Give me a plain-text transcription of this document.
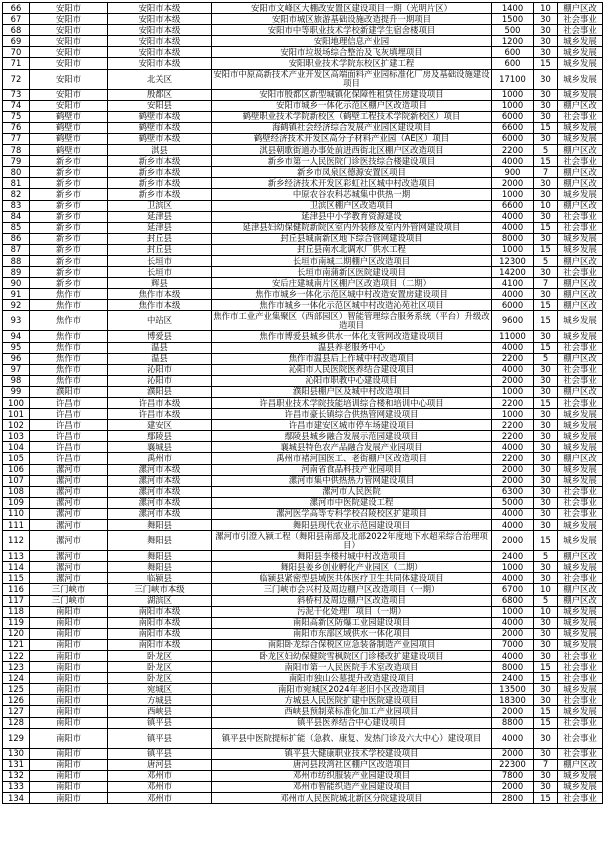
66	安阳市	安阳市本级	安阳市文峰区大棚改安置区建设项目一期（光明片区）	1400	10	棚户区改
67	安阳市	安阳市本级	安阳市城区旅游基础设施改造提升一期项目	1500	30	社会事业
68	安阳市	安阳市本级	安阳市中等职业技术学校新建学生宿舍楼项目	500	30	社会事业
69	安阳市	安阳市本级	安阳地理信息产业园	1200	30	城乡发展
70	安阳市	安阳市本级	安阳市垃圾场综合整治及飞灰填埋项目	600	30	城乡发展
71	安阳市	安阳市本级	安阳职业技术学院东校区扩建工程	600	15	城乡发展
72	安阳市	北关区	安阳市中原高新技术产业开发区高端面料产业园标准化厂房及基础设施建设项目	17100	30	城乡发展
73	安阳市	殷都区	安阳市殷都区新型城镇化保障性租赁住房建设项目	1000	30	城乡发展
74	安阳市	安阳县	安阳市城乡一体化示范区棚户区改造项目	1000	30	棚户区改
75	鹤壁市	鹤壁市本级	鹤壁职业技术学院新校区（鹤壁工程技术学院新校区）项目	6000	30	社会事业
76	鹤壁市	鹤壁市本级	海鹤镇社会经济综合发展产业园区建设项目	6600	15	城乡发展
77	鹤壁市	鹤壁市本级	鹤壁经济技术开发区高分子材料产业园（AE区）项目	6000	30	城乡发展
78	鹤壁市	淇县	淇县朝歌街道办事处前进西街北区棚户区改造项目	2200	5	棚户区改
79	新乡市	新乡市本级	新乡市第一人民医院门诊医技综合楼建设项目	4000	15	社会事业
80	新乡市	新乡市本级	新乡市凤泉区德源安置区项目	900	7	棚户区改
81	新乡市	新乡市本级	新乡经济技术开发区彩虹社区城中村改造项目	2000	30	棚户区改
82	新乡市	新乡市本级	中原农谷农科芯城集中供热一期	1000	30	城乡发展
83	新乡市	卫滨区	卫滨区棚户区改造项目	6600	10	棚户区改
84	新乡市	延津县	延津县中小学教育资源建设	4000	30	社会事业
85	新乡市	延津县	延津县妇幼保健院新院区室内外装修及室内外管网建设项目	4000	15	社会事业
86	新乡市	封丘县	封丘县城南新区地下综合管网建设项目	8000	30	城乡发展
87	新乡市	封丘县	封丘县南水北调水厂供水工程	1000	15	城乡发展
88	新乡市	长垣市	长垣市南城二期棚户区改造项目	12300	5	棚户区改
89	新乡市	长垣市	长垣市南蒲新区医院建设项目	14200	30	社会事业
90	新乡市	辉县	安后庄建城南片区棚户区改造项目（二期）	4100	7	棚户区改
91	焦作市	焦作市本级	焦作市城乡一体化示范区城中村改造安置房建设项目	4000	30	棚户区改
92	焦作市	焦作市本级	焦作市城乡一体化示范区城中村改造沁苑社区项目	6000	15	棚户区改
93	焦作市	中站区	焦作市工业产业集聚区（西部园区）智能管理综合服务系统（平台）升级改造项目	9600	15	城乡发展
94	焦作市	博爱县	焦作市博爱县城乡供水一体化支管网改造建设项目	11000	30	城乡发展
95	焦作市	温县	温县养老服务中心	4000	15	社会事业
96	焦作市	温县	焦作市温县后上作城中村改造项目	2200	5	棚户区改
97	焦作市	沁阳市	沁阳市人民医院医养结合建设项目	4000	30	社会事业
98	焦作市	沁阳市	沁阳市职教中心建设项目	2000	30	社会事业
99	濮阳市	濮阳县	濮阳县棚户区及城中村改造项目	1000	30	棚户区改
100	许昌市	许昌市本级	许昌职业技术学院技能培训综合楼和培训中心项目	2200	15	社会事业
101	许昌市	许昌市本级	许昌市豪长镇综合供热管网建设项目	1000	30	城乡发展
102	许昌市	建安区	许昌市建安区城市停车场建设项目	2200	30	城乡发展
103	许昌市	鄢陵县	鄢陵县城乡融合发展示范园建设项目	2200	30	城乡发展
104	许昌市	襄城县	襄城县特色农产品融合发展产业园项目	4000	30	城乡发展
105	许昌市	禹州市	禹州市褚河国医工、老街棚户区改造项目	2200	30	棚户区改
106	漯河市	漯河市本级	河南省食品科技产业园项目	2000	30	城乡发展
107	漯河市	漯河市本级	漯河市集中供热热力管网建设项目	2000	30	城乡发展
108	漯河市	漯河市本级	漯河市人民医院	6300	30	社会事业
109	漯河市	漯河市本级	漯河市中医院建设工程	5000	30	社会事业
110	漯河市	漯河市本级	漯河医学高等专科学校召陵校区扩建项目	4000	30	社会事业
111	漯河市	舞阳县	舞阳县现代农业示范园建设项目	4000	30	城乡发展
112	漯河市	舞阳县	漯河市引澄入颍工程（舞阳县南部及北部2022年度地下水超采综合治理项目）	2000	15	城乡发展
113	漯河市	舞阳县	舞阳县李楼村城中村改造项目	2400	5	棚户区改
114	漯河市	舞阳县	舞阳县姜乡创业孵化产业园区（二期）	1000	30	城乡发展
115	漯河市	临颍县	临颍县紧密型县域医共体医疗卫生共同体建设项目	4000	30	社会事业
116	三门峡市	三门峡市本级	三门峡市会兴村及周边棚户区改造项目（一期）	6700	10	棚户区改
117	三门峡市	湖滨区	斜桥村及周边棚户区改造项目	6800	5	棚户区改
118	南阳市	南阳市本级	污泥干化处理厂项目（一期）	1000	10	城乡发展
119	南阳市	南阳市本级	南阳高新区防爆工业园建设项目	4000	30	城乡发展
120	南阳市	南阳市本级	南阳市东部区域供水一体化项目	2000	30	城乡发展
121	南阳市	南阳市本级	南阳卧龙综合保税区应急装备制造产业园项目	7000	30	城乡发展
122	南阳市	卧龙区	卧龙区妇幼保健院雪枫院区门诊楼改扩建建设项目	4000	30	社会事业
123	南阳市	卧龙区	南阳市第一人民医院手术室改造项目	8000	15	社会事业
124	南阳市	卧龙区	南阳市独山公墓提升改造建设项目	2400	15	社会事业
125	南阳市	宛城区	南阳市宛城区2024年老旧小区改造项目	13500	30	城乡发展
126	南阳市	方城县	方城县人民医院扩建中医院建设项目	18300	30	社会事业
127	南阳市	西峡县	西峡县预制菜标准化加工产业园项目	2000	15	城乡发展
128	南阳市	镇平县	镇平县医养结合中心建设项目	8800	15	社会事业
129	南阳市	镇平县	镇平县中医院提标扩能（急救、康复、发热门诊及六大中心）建设项目	4000	30	社会事业
130	南阳市	镇平县	镇平县大健康职业技术学校建设项目	2000	30	社会事业
131	南阳市	唐河县	唐河县段湾社区棚户区改造项目	22300	7	棚户区改
132	南阳市	邓州市	邓州市纺织服装产业园建设项目	7800	30	城乡发展
133	南阳市	邓州市	邓州市智能织造产业园建设项目	2000	30	城乡发展
134	南阳市	邓州市	邓州市人民医院城北新区分院建设项目	2800	15	社会事业
